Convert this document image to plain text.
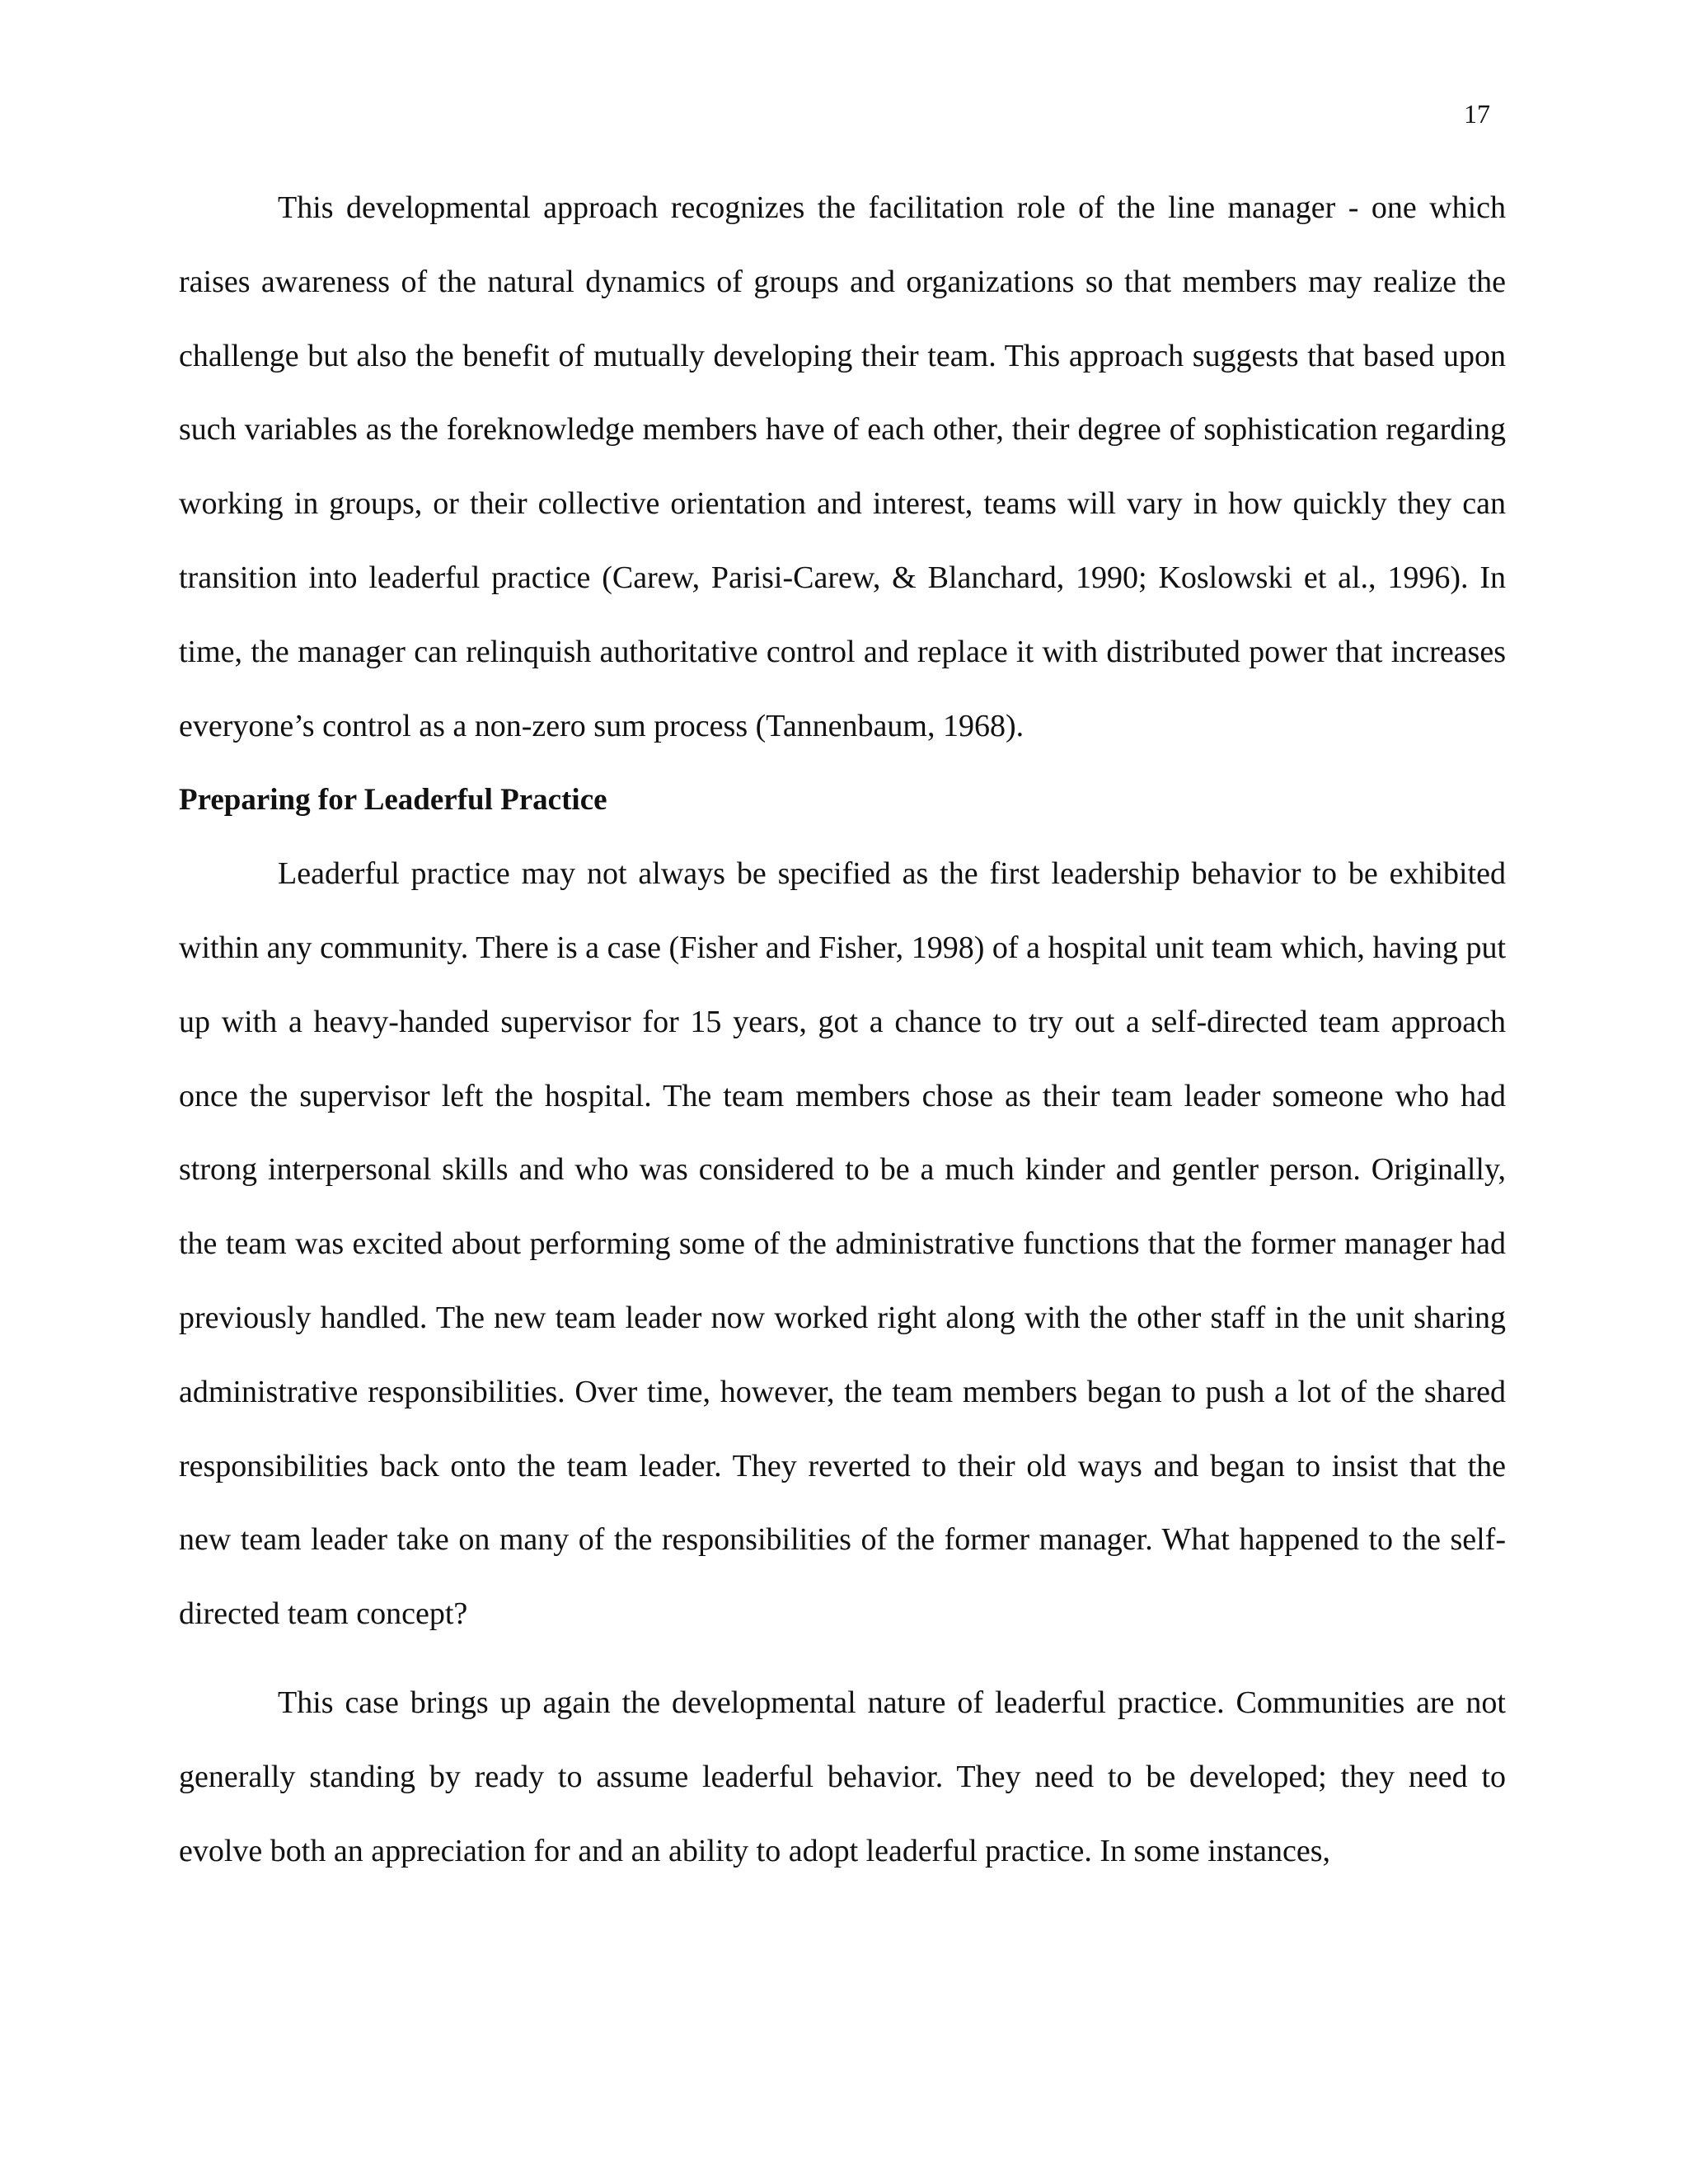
17

This developmental approach recognizes the facilitation role of the line manager - one which raises awareness of the natural dynamics of groups and organizations so that members may realize the challenge but also the benefit of mutually developing their team. This approach suggests that based upon such variables as the foreknowledge members have of each other, their degree of sophistication regarding working in groups, or their collective orientation and interest, teams will vary in how quickly they can transition into leaderful practice (Carew, Parisi-Carew, & Blanchard, 1990; Koslowski et al., 1996). In time, the manager can relinquish authoritative control and replace it with distributed power that increases everyone’s control as a non-zero sum process (Tannenbaum, 1968).

Preparing for Leaderful Practice

Leaderful practice may not always be specified as the first leadership behavior to be exhibited within any community. There is a case (Fisher and Fisher, 1998) of a hospital unit team which, having put up with a heavy-handed supervisor for 15 years, got a chance to try out a self-directed team approach once the supervisor left the hospital. The team members chose as their team leader someone who had strong interpersonal skills and who was considered to be a much kinder and gentler person. Originally, the team was excited about performing some of the administrative functions that the former manager had previously handled. The new team leader now worked right along with the other staff in the unit sharing administrative responsibilities. Over time, however, the team members began to push a lot of the shared responsibilities back onto the team leader. They reverted to their old ways and began to insist that the new team leader take on many of the responsibilities of the former manager. What happened to the self-directed team concept?

This case brings up again the developmental nature of leaderful practice. Communities are not generally standing by ready to assume leaderful behavior. They need to be developed; they need to evolve both an appreciation for and an ability to adopt leaderful practice. In some instances,
